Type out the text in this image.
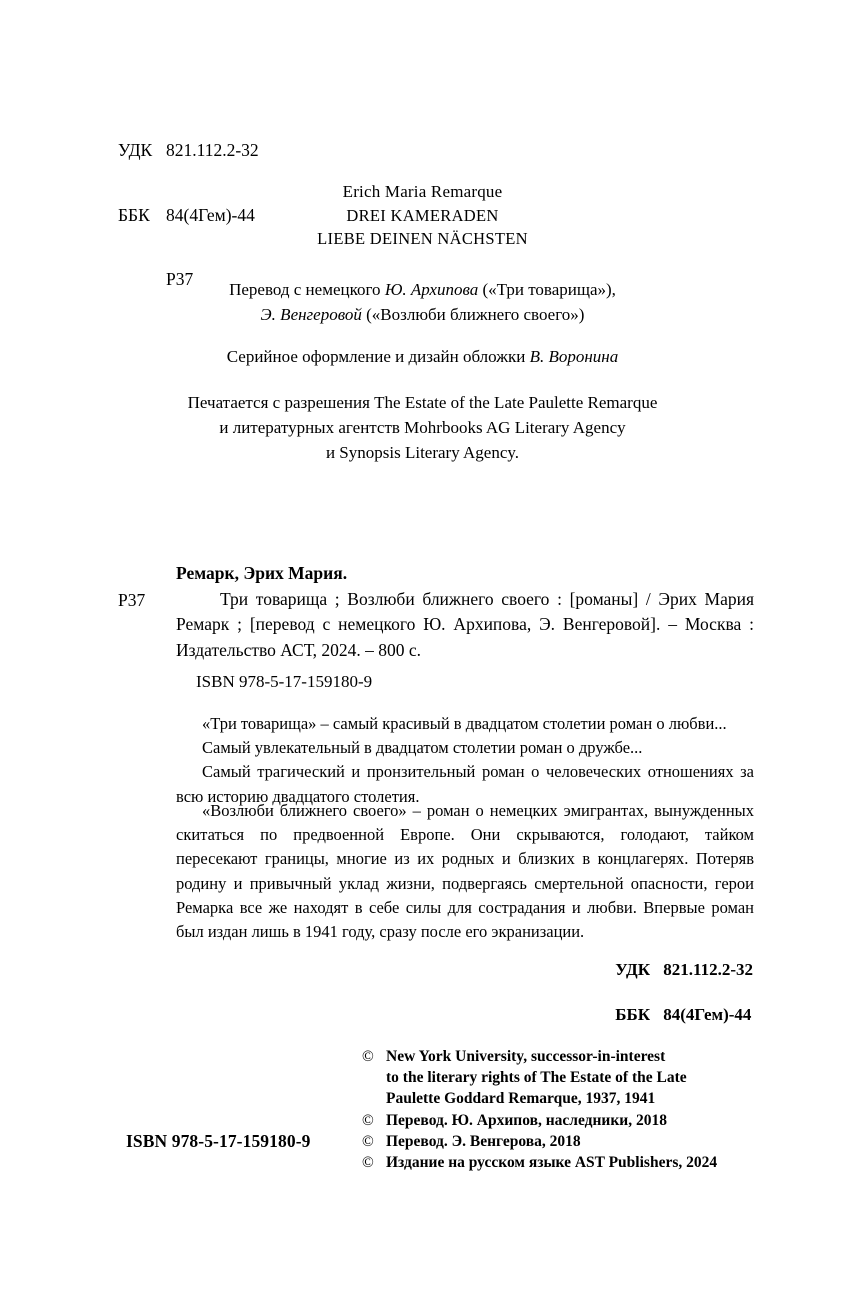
УДК 821.112.2-32

ББК 84(4Гем)-44

Р37

Erich Maria Remarque
DREI KAMERADEN
LIEBE DEINEN NÄCHSTEN
Перевод с немецкого Ю. Архипова («Три товарища»),
Э. Венгеровой («Возлюби ближнего своего»)
Серийное оформление и дизайн обложки В. Воронина
Печатается с разрешения The Estate of the Late Paulette Remarque
и литературных агентств Mohrbooks AG Literary Agency
и Synopsis Literary Agency.
Р37
Ремарк, Эрих Мария.
Три товарища ; Возлюби ближнего своего : [романы] / Эрих Мария Ремарк ; [перевод с немецкого Ю. Архипова, Э. Венгеровой]. – Москва : Издательство АСТ, 2024. – 800 с.
ISBN 978-5-17-159180-9

«Три товарища» – самый красивый в двадцатом столетии роман о любви...

Самый увлекательный в двадцатом столетии роман о дружбе...

Самый трагический и пронзительный роман о человеческих отношениях за всю историю двадцатого столетия.

«Возлюби ближнего своего» – роман о немецких эмигрантах, вынужденных скитаться по предвоенной Европе. Они скрываются, голодают, тайком пересекают границы, многие из их родных и близких в концлагерях. Потеряв родину и привычный уклад жизни, подвергаясь смертельной опасности, герои Ремарка все же находят в себе силы для сострадания и любви. Впервые роман был издан лишь в 1941 году, сразу после его экранизации.

УДК 821.112.2-32

ББК 84(4Гем)-44

© New York University, successor-in-interest
to the literary rights of The Estate of the Late
Paulette Goddard Remarque, 1937, 1941
© Перевод. Ю. Архипов, наследники, 2018
© Перевод. Э. Венгерова, 2018
© Издание на русском языке AST Publishers, 2024
ISBN 978-5-17-159180-9
